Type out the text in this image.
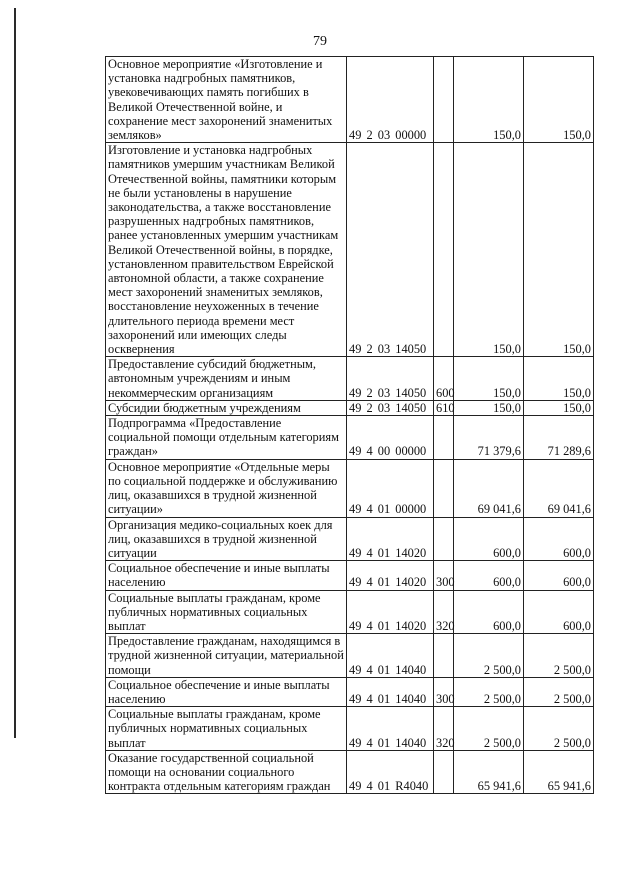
79
Основное мероприятие «Изготовление и установка надгробных памятников, увековечивающих память погибших в Великой Отечественной войне, и сохранение мест захоронений знаменитых земляков»	49 2 03 00000		150,0	150,0
Изготовление и установка надгробных памятников умершим участникам Великой Отечественной войны, памятники которым не были установлены в нарушение законодательства, а также восстановление разрушенных надгробных памятников, ранее установленных умершим участникам Великой Отечественной войны, в порядке, установленном правительством Еврейской автономной области, а также сохранение мест захоронений знаменитых земляков, восстановление неухоженных в течение длительного периода времени мест захоронений или имеющих следы осквернения	49 2 03 14050		150,0	150,0
Предоставление субсидий бюджетным, автономным учреждениям и иным некоммерческим организациям	49 2 03 14050	600	150,0	150,0
Субсидии бюджетным учреждениям	49 2 03 14050	610	150,0	150,0
Подпрограмма «Предоставление социальной помощи отдельным категориям граждан»	49 4 00 00000		71 379,6	71 289,6
Основное мероприятие «Отдельные меры по социальной поддержке и обслуживанию лиц, оказавшихся в трудной жизненной ситуации»	49 4 01 00000		69 041,6	69 041,6
Организация медико-социальных коек для лиц, оказавшихся в трудной жизненной ситуации	49 4 01 14020		600,0	600,0
Социальное обеспечение и иные выплаты населению	49 4 01 14020	300	600,0	600,0
Социальные выплаты гражданам, кроме публичных нормативных социальных выплат	49 4 01 14020	320	600,0	600,0
Предоставление гражданам, находящимся в трудной жизненной ситуации, материальной помощи	49 4 01 14040		2 500,0	2 500,0
Социальное обеспечение и иные выплаты населению	49 4 01 14040	300	2 500,0	2 500,0
Социальные выплаты гражданам, кроме публичных нормативных социальных выплат	49 4 01 14040	320	2 500,0	2 500,0
Оказание государственной социальной помощи на основании социального контракта отдельным категориям граждан	49 4 01 R4040		65 941,6	65 941,6
